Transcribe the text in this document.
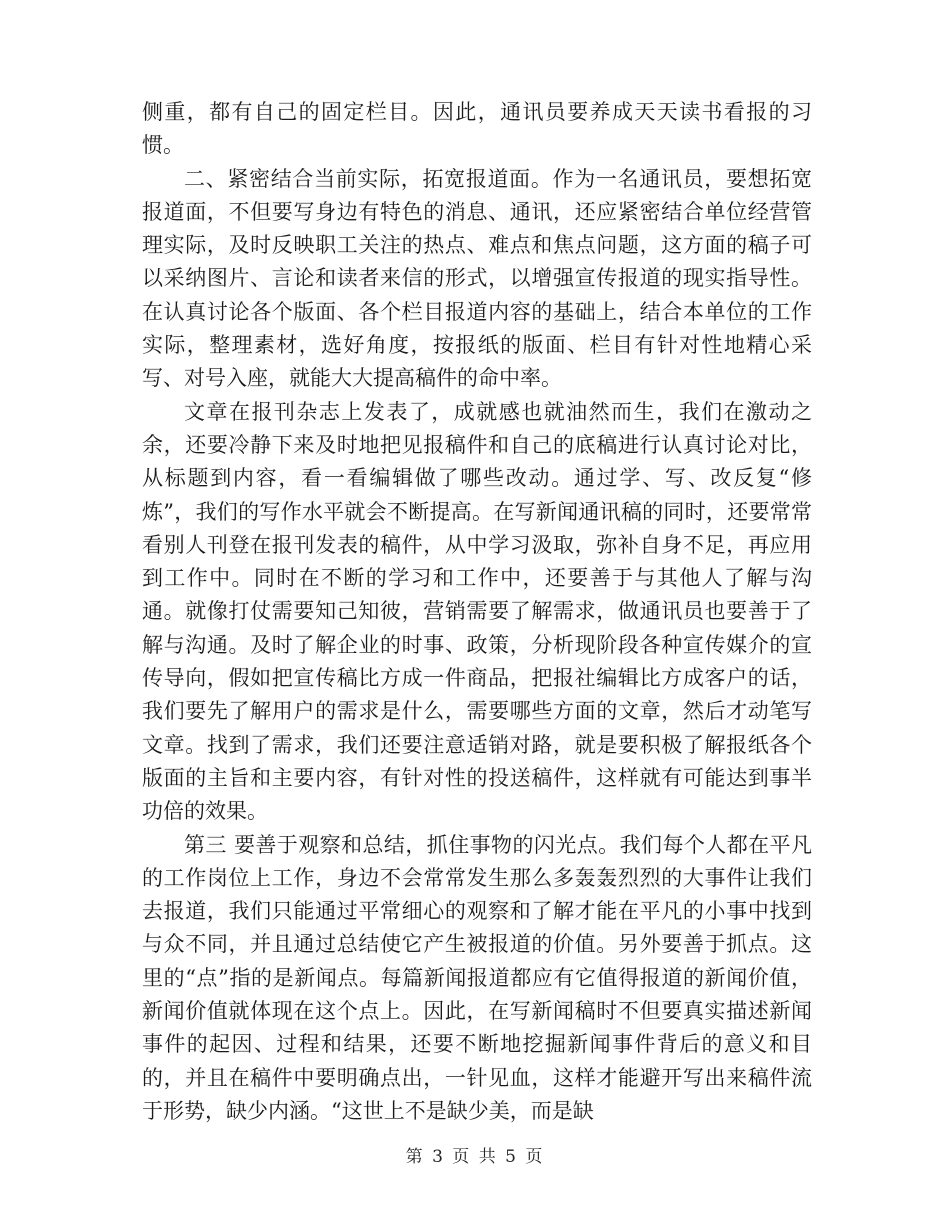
侧重，都有自己的固定栏目。因此，通讯员要养成天天读书看报的习惯。

二、紧密结合当前实际，拓宽报道面。作为一名通讯员，要想拓宽报道面，不但要写身边有特色的消息、通讯，还应紧密结合单位经营管理实际，及时反映职工关注的热点、难点和焦点问题，这方面的稿子可以采纳图片、言论和读者来信的形式，以增强宣传报道的现实指导性。在认真讨论各个版面、各个栏目报道内容的基础上，结合本单位的工作实际，整理素材，选好角度，按报纸的版面、栏目有针对性地精心采写、对号入座，就能大大提高稿件的命中率。

文章在报刊杂志上发表了，成就感也就油然而生，我们在激动之余，还要冷静下来及时地把见报稿件和自己的底稿进行认真讨论对比，从标题到内容，看一看编辑做了哪些改动。通过学、写、改反复“修炼”，我们的写作水平就会不断提高。在写新闻通讯稿的同时，还要常常看别人刊登在报刊发表的稿件，从中学习汲取，弥补自身不足，再应用到工作中。同时在不断的学习和工作中，还要善于与其他人了解与沟通。就像打仗需要知己知彼，营销需要了解需求，做通讯员也要善于了解与沟通。及时了解企业的时事、政策，分析现阶段各种宣传媒介的宣传导向，假如把宣传稿比方成一件商品，把报社编辑比方成客户的话，我们要先了解用户的需求是什么，需要哪些方面的文章，然后才动笔写文章。找到了需求，我们还要注意适销对路，就是要积极了解报纸各个版面的主旨和主要内容，有针对性的投送稿件，这样就有可能达到事半功倍的效果。

第三 要善于观察和总结，抓住事物的闪光点。我们每个人都在平凡的工作岗位上工作，身边不会常常发生那么多轰轰烈烈的大事件让我们去报道，我们只能通过平常细心的观察和了解才能在平凡的小事中找到与众不同，并且通过总结使它产生被报道的价值。另外要善于抓点。这里的“点”指的是新闻点。每篇新闻报道都应有它值得报道的新闻价值，新闻价值就体现在这个点上。因此，在写新闻稿时不但要真实描述新闻事件的起因、过程和结果，还要不断地挖掘新闻事件背后的意义和目的，并且在稿件中要明确点出，一针见血，这样才能避开写出来稿件流于形势，缺少内涵。“这世上不是缺少美，而是缺

第 3 页 共 5 页
